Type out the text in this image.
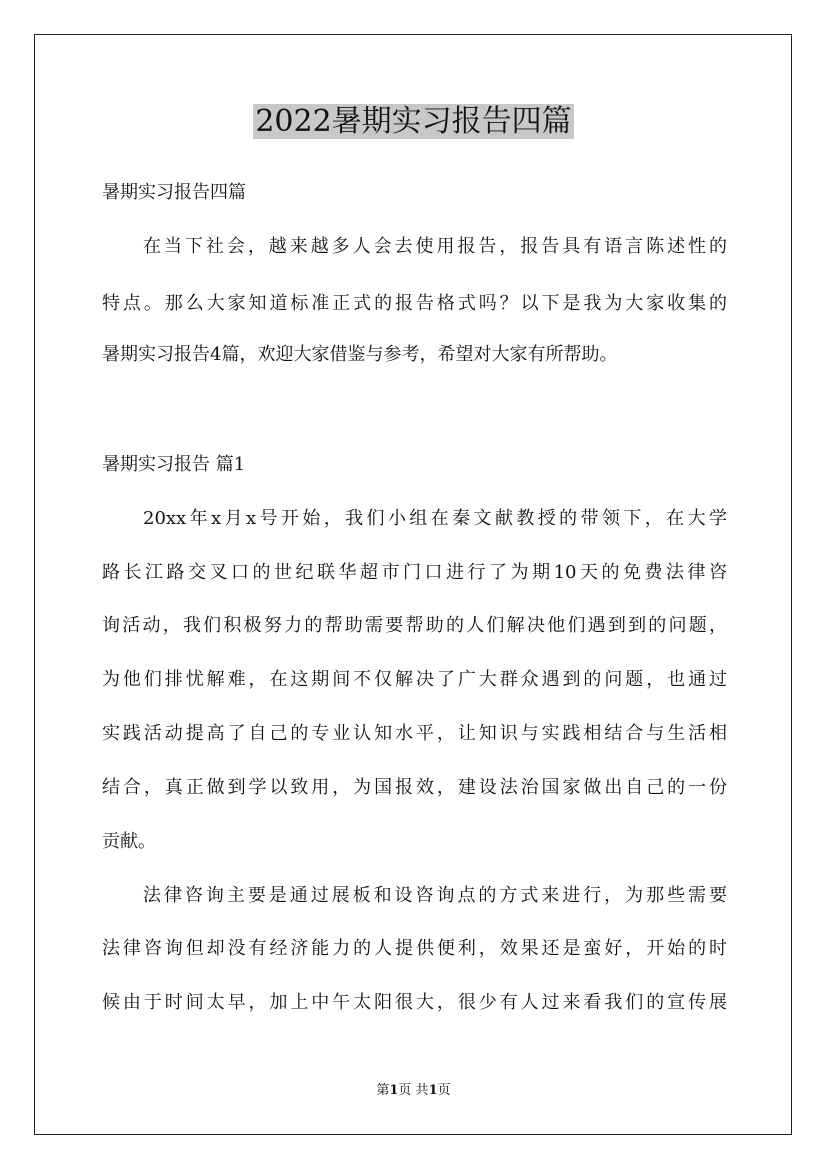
2022暑期实习报告四篇
暑期实习报告四篇
在当下社会，越来越多人会去使用报告，报告具有语言陈述性的
特点。那么大家知道标准正式的报告格式吗？以下是我为大家收集的
暑期实习报告4篇，欢迎大家借鉴与参考，希望对大家有所帮助。
暑期实习报告 篇1
20xx年x月x号开始，我们小组在秦文献教授的带领下，在大学
路长江路交叉口的世纪联华超市门口进行了为期10天的免费法律咨
询活动，我们积极努力的帮助需要帮助的人们解决他们遇到到的问题，
为他们排忧解难，在这期间不仅解决了广大群众遇到的问题，也通过
实践活动提高了自己的专业认知水平，让知识与实践相结合与生活相
结合，真正做到学以致用，为国报效，建设法治国家做出自己的一份
贡献。
法律咨询主要是通过展板和设咨询点的方式来进行，为那些需要
法律咨询但却没有经济能力的人提供便利，效果还是蛮好，开始的时
候由于时间太早，加上中午太阳很大，很少有人过来看我们的宣传展
第1页 共1页
